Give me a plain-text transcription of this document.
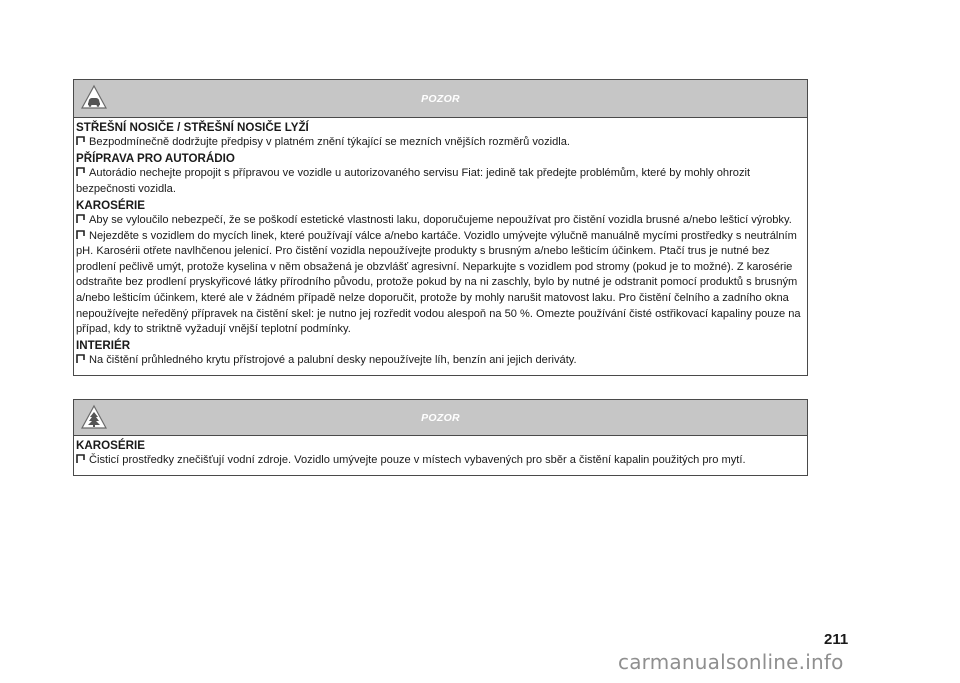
POZOR

STŘEŠNÍ NOSIČE / STŘEŠNÍ NOSIČE LYŽÍ

Bezpodmínečně dodržujte předpisy v platném znění týkající se mezních vnějších rozměrů vozidla.

PŘÍPRAVA PRO AUTORÁDIO

Autorádio nechejte propojit s přípravou ve vozidle u autorizovaného servisu Fiat: jedině tak předejte problémům, které by mohly ohrozit bezpečnosti vozidla.

KAROSÉRIE

Aby se vyloučilo nebezpečí, že se poškodí estetické vlastnosti laku, doporučujeme nepoužívat pro čistění vozidla brusné a/nebo lešticí výrobky.

Nejezděte s vozidlem do mycích linek, které používají válce a/nebo kartáče. Vozidlo umývejte výlučně manuálně mycími prostředky s neutrálním pH. Karosérii otřete navlhčenou jelenicí. Pro čistění vozidla nepoužívejte produkty s brusným a/nebo lešticím účinkem. Ptačí trus je nutné bez prodlení pečlivě umýt, protože kyselina v něm obsažená je obzvlášť agresivní. Neparkujte s vozidlem pod stromy (pokud je to možné). Z karosérie odstraňte bez prodlení pryskyřicové látky přírodního původu, protože pokud by na ni zaschly, bylo by nutné je odstranit pomocí produktů s brusným a/nebo lešticím účinkem, které ale v žádném případě nelze doporučit, protože by mohly narušit matovost laku. Pro čistění čelního a zadního okna nepoužívejte neředěný přípravek na čistění skel: je nutno jej rozředit vodou alespoň na 50 %. Omezte používání čisté ostřikovací kapaliny pouze na případ, kdy to striktně vyžadují vnější teplotní podmínky.

INTERIÉR

Na čištění průhledného krytu přístrojové a palubní desky nepoužívejte líh, benzín ani jejich deriváty.

POZOR

KAROSÉRIE

Čisticí prostředky znečišťují vodní zdroje. Vozidlo umývejte pouze v místech vybavených pro sběr a čistění kapalin použitých pro mytí.

211
carmanualsonline.info
